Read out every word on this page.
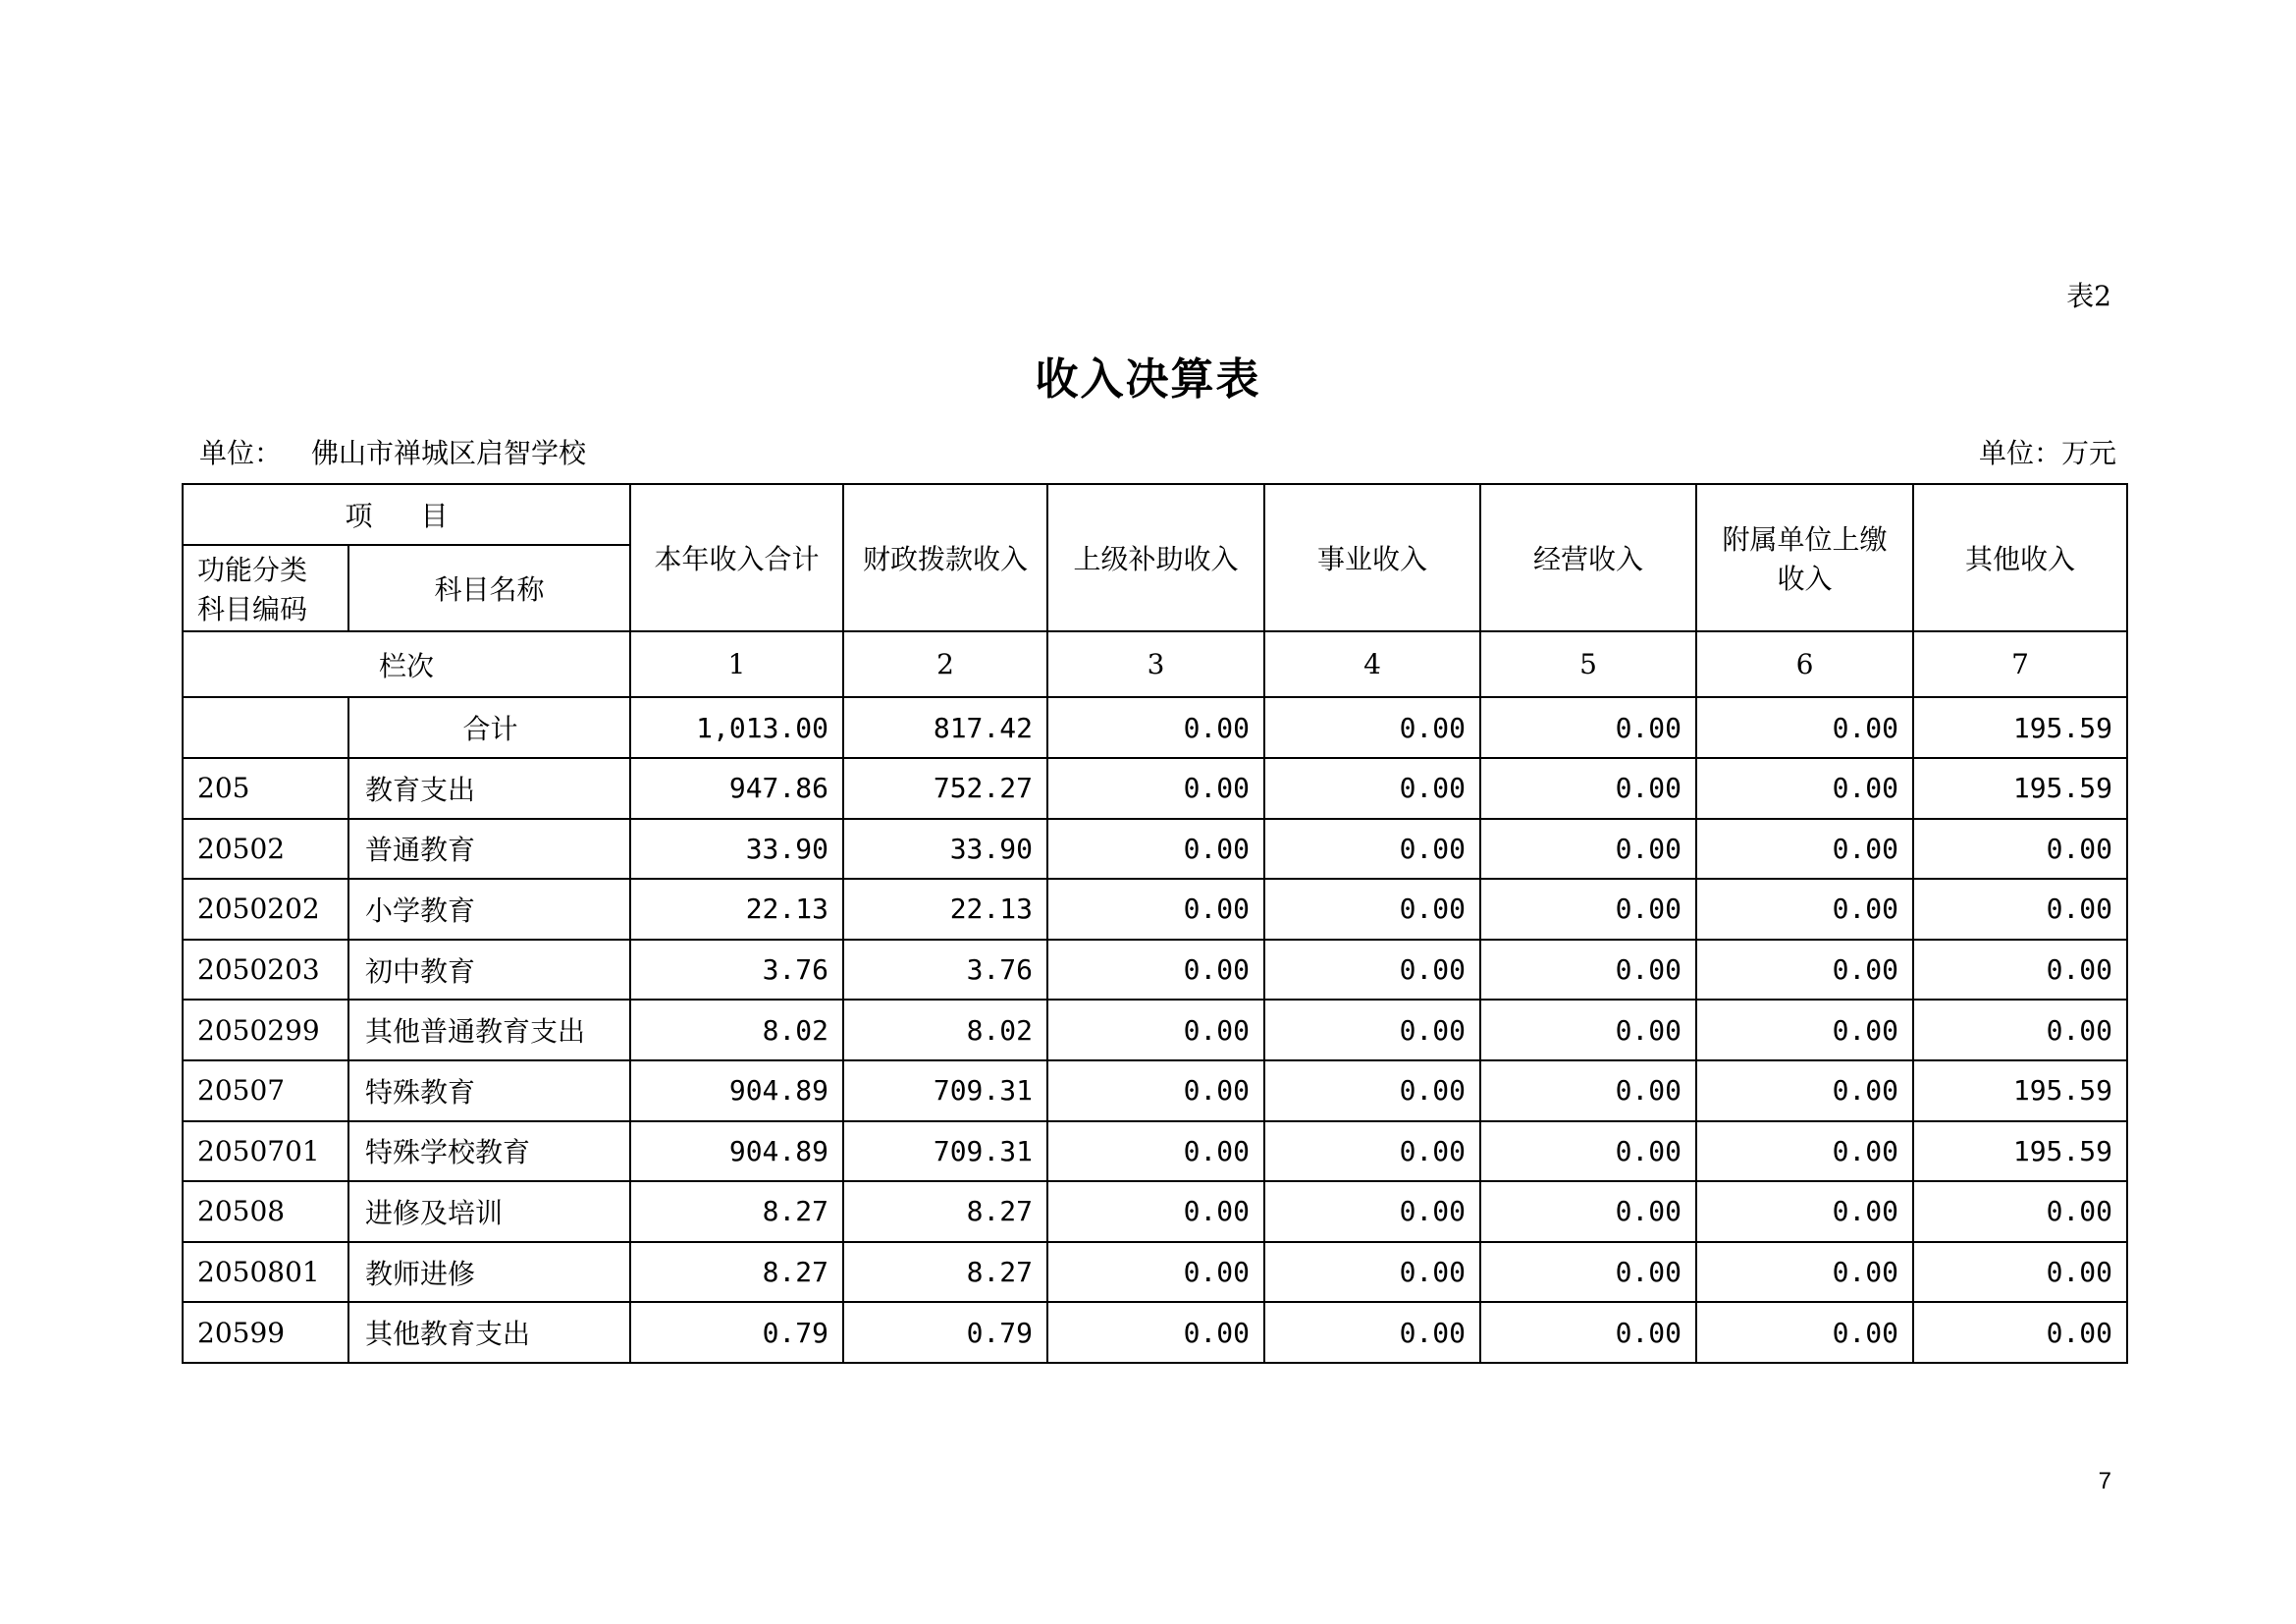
表2
收入决算表
单位： 佛山市禅城区启智学校	单位：万元
项 目		本年收入合计	财政拨款收入	上级补助收入	事业收入	经营收入	附属单位上缴收入	其他收入
功能分类科目编码	科目名称							
栏次		1	2	3	4	5	6	7
	合计	1,013.00	817.42	0.00	0.00	0.00	0.00	195.59
205	教育支出	947.86	752.27	0.00	0.00	0.00	0.00	195.59
20502	普通教育	33.90	33.90	0.00	0.00	0.00	0.00	0.00
2050202	小学教育	22.13	22.13	0.00	0.00	0.00	0.00	0.00
2050203	初中教育	3.76	3.76	0.00	0.00	0.00	0.00	0.00
2050299	其他普通教育支出	8.02	8.02	0.00	0.00	0.00	0.00	0.00
20507	特殊教育	904.89	709.31	0.00	0.00	0.00	0.00	195.59
2050701	特殊学校教育	904.89	709.31	0.00	0.00	0.00	0.00	195.59
20508	进修及培训	8.27	8.27	0.00	0.00	0.00	0.00	0.00
2050801	教师进修	8.27	8.27	0.00	0.00	0.00	0.00	0.00
20599	其他教育支出	0.79	0.79	0.00	0.00	0.00	0.00	0.00
7
